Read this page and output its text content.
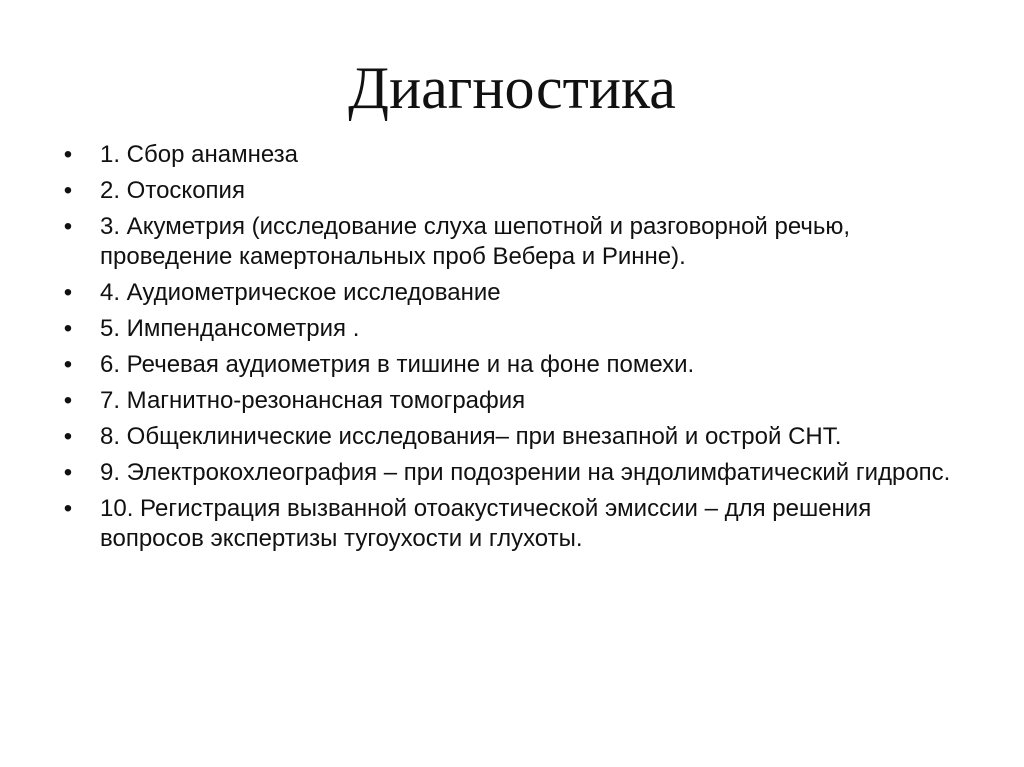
Диагностика
• 1. Сбор анамнеза
• 2. Отоскопия
• 3. Акуметрия (исследование слуха шепотной и разговорной речью, проведение камертональных проб Вебера и Ринне).
• 4. Аудиометрическое исследование
• 5. Импендансометрия .
• 6. Речевая аудиометрия в тишине и на фоне помехи.
• 7. Магнитно-резонансная томография
• 8. Общеклинические исследования– при внезапной и острой СНТ.
• 9. Электрокохлеография – при подозрении на эндолимфатический гидропс.
• 10. Регистрация вызванной отоакустической эмиссии – для решения вопросов экспертизы тугоухости и глухоты.
